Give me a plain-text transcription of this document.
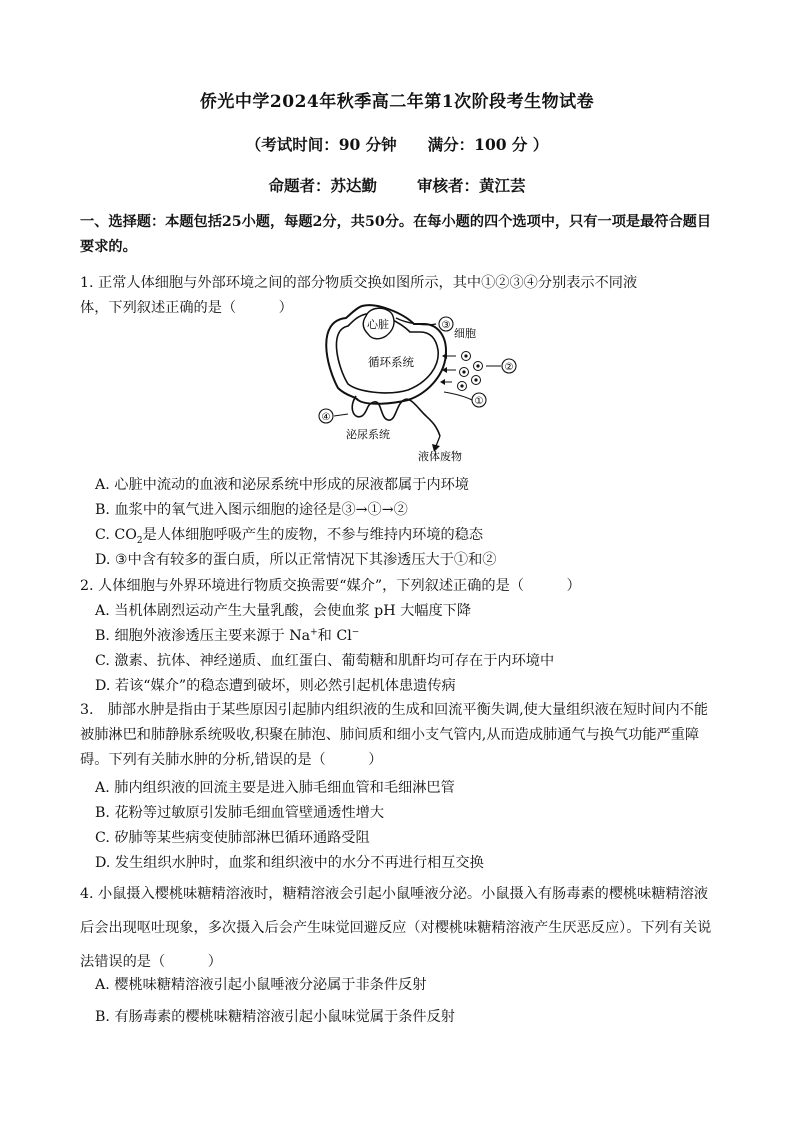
侨光中学2024年秋季高二年第1次阶段考生物试卷
（考试时间：90 分钟　　满分：100 分 ）
命题者：苏达勤	审核者：黄江芸
一、选择题：本题包括25小题，每题2分，共50分。在每小题的四个选项中，只有一项是最符合题目要求的。
1. 正常人体细胞与外部环境之间的部分物质交换如图所示，其中①②③④分别表示不同液
体，下列叙述正确的是（　　　）
心脏
循环系统
③
细胞
②
①
④
泌尿系统
液体废物
A. 心脏中流动的血液和泌尿系统中形成的尿液都属于内环境
B. 血浆中的氧气进入图示细胞的途径是③→①→②
C. $CO_2$是人体细胞呼吸产生的废物，不参与维持内环境的稳态
D. ③中含有较多的蛋白质，所以正常情况下其渗透压大于①和②
2. 人体细胞与外界环境进行物质交换需要“媒介”，下列叙述正确的是（　　　）
A. 当机体剧烈运动产生大量乳酸，会使血浆 pH 大幅度下降
B. 细胞外液渗透压主要来源于 Na+和 Cl−
C. 激素、抗体、神经递质、血红蛋白、葡萄糖和肌酐均可存在于内环境中
D. 若该“媒介”的稳态遭到破坏，则必然引起机体患遗传病
3.　肺部水肿是指由于某些原因引起肺内组织液的生成和回流平衡失调,使大量组织液在短时间内不能被肺淋巴和肺静脉系统吸收,积聚在肺泡、肺间质和细小支气管内,从而造成肺通气与换气功能严重障碍。下列有关肺水肿的分析,错误的是（　　　）
A. 肺内组织液的回流主要是进入肺毛细血管和毛细淋巴管
B. 花粉等过敏原引发肺毛细血管壁通透性增大
C. 矽肺等某些病变使肺部淋巴循环通路受阻
D. 发生组织水肿时，血浆和组织液中的水分不再进行相互交换
4. 小鼠摄入樱桃味糖精溶液时，糖精溶液会引起小鼠唾液分泌。小鼠摄入有肠毒素的樱桃味糖精溶液后会出现呕吐现象，多次摄入后会产生味觉回避反应（对樱桃味糖精溶液产生厌恶反应）。下列有关说法错误的是（　　　）
A. 樱桃味糖精溶液引起小鼠唾液分泌属于非条件反射
B. 有肠毒素的樱桃味糖精溶液引起小鼠味觉属于条件反射
